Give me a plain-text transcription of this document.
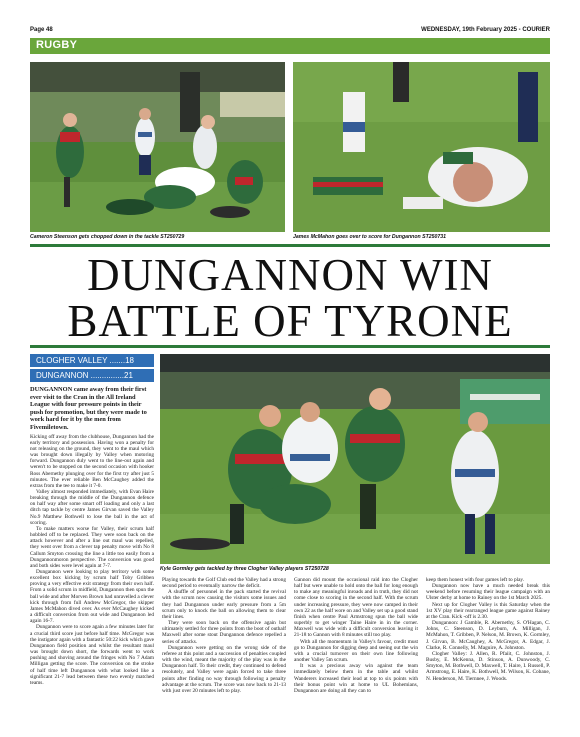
Page 48	WEDNESDAY, 19th February 2025 - COURIER
RUGBY
Cameron Steenson gets chopped down in the tackle ST250729	James McMahon goes over to score for Dungannon ST250731
DUNGANNON WIN
BATTLE OF TYRONE
CLOGHER VALLEY .......18
DUNGANNON ...............21
Kyle Gormley gets tackled by three Clogher Valley players ST250728
DUNGANNON came away from their first ever visit to the Cran in the All Ireland League with four pressure points in their push for promotion, but they were made to work hard for it by the men from Fivemiletown.

Kicking off away from the clubhouse, Dungannon had the early territory and possession. Having won a penalty for not releasing on the ground, they went to the maul which was brought down illegally by Valley when motoring forward. Dungannon duly went to the line-out again and weren't to be stopped on the second occasion with hooker Ross Abernethy plunging over for the first try after just 5 minutes. The ever reliable Ben McCaughey added the extras from the tee to make it 7-0.

Valley almost responded immediately, with Evan Haire breaking through the middle of the Dungannon defence on half way after some smart off loading and only a last ditch tap tackle by centre James Girvan saved the Valley No.9 Matthew Bothwell to lose the ball in the act of scoring.

To make matters worse for Valley, their scrum half hobbled off to be replaced. They were soon back on the attack however and after a line out maul was repelled, they went over from a clever tap penalty move with No 8 Callum Smyton crossing the line a little too easily from a Dungannonmoron perspective. The conversion was good and both sides were level again at 7-7.

Dungannon were looking to play territory with some excellent box kicking by scrum half Toby Gribben proving a very effective exit strategy from their own half. From a solid scrum in midfield, Dungannon then spun the ball wide and after Morven Brown had unravelled a clever kick through from full Andrew McGregor, the skipper James McMahon dived over. As ever McCaughey kicked a difficult conversion from out wide and Dungannon led again 16-7.

Dungannon were to score again a few minutes later for a crucial third score just before half time. McGregor was the instigator again with a fantastic 50:22 kick which gave Dungannon field position and whilst the resultant maul was brought down short, the forwards went to work pushing and shoving around the fringes with No 7 Adam Milligan getting the score. The conversion on the stroke of half time left Dungannon with what looked like a significant 21-7 lead between these two evenly matched teams.

Playing towards the Golf Club end the Valley had a strong second period to eventually narrow the deficit.

A shuffle of personnel in the pack started the revival with the scrum now causing the visitors some issues and they had Dungannon under early pressure from a 5m scrum only to knock the ball on allowing them to clear their lines.

They were soon back on the offensive again but ultimately settled for three points from the boot of outhalf Maxwell after some stout Dungannon defence repelled a series of attacks.

Dungannon were getting on the wrong side of the referee at this point and a succession of penalties coupled with the wind, meant the majority of the play was in the Dungannon half. To their credit, they continued to defend resolutely, and Valley were again forced to take three points after finding no way through following a penalty advantage at the scrum. The score was now back to 21-13 with just over 20 minutes left to play.

Gannon did mount the occasional raid into the Clogher half but were unable to hold onto the ball for long enough to make any meaningful inroads and in truth, they did not come close to scoring in the second half. With the scrum under increasing pressure, they were now camped in their own 22 as the half wore on and Valley set up a good stand finish when centre Paul Armstrong spun the ball wide superbly to get winger Taine Haire in in the corner. Maxwell was wide with a difficult conversion leaving it 21-18 to Gannon with 8 minutes still too play.

With all the momentum in Valley's favour, credit must go to Dungannon for digging deep and seeing out the win with a crucial turnover on their own line following another Valley 5m scrum.

It was a precious away win against the team immediately below them in the table and whilst Wanderers increased their lead at top to six points with their bonus point win at home to UL Bohemians, Dungannon are doing all they can to

keep them honest with four games left to play.

Dungannon now have a much needed break this weekend before resuming their league campaign with an Ulster derby at home to Rainey on the 1st March 2025.

Next up for Clogher Valley is this Saturday when the 1st XV play their rearranged league game against Rainey at the Cran. Kick -off is 2.30.

Dungannon: J Gamble, R. Abernethy, S. O'Hagan, C. Johns, C. Steenson, D. Leyburn, A. Milligan, J. McMahon, T. Gribben, P. Nelson, M. Brown, K. Gormley, J. Girvan, B. McCaughey, A. McGregor, A. Edgar, J. Clarke, R. Connelly, M. Maguire, A. Johnston.

Clogher Valley: J. Allen, R. Pfaiit, C. Johnston, J. Busby, E. McKenna, D. Stinson, A. Dunwoody, C. Smyton, M. Bothwell, D. Maxwell, T. Haire, I. Russell, P. Armstrong, E. Haire, K. Bothwell, M. Wilson, K. Cobane, N. Henderson, M. Tiernnee, J. Woods.
